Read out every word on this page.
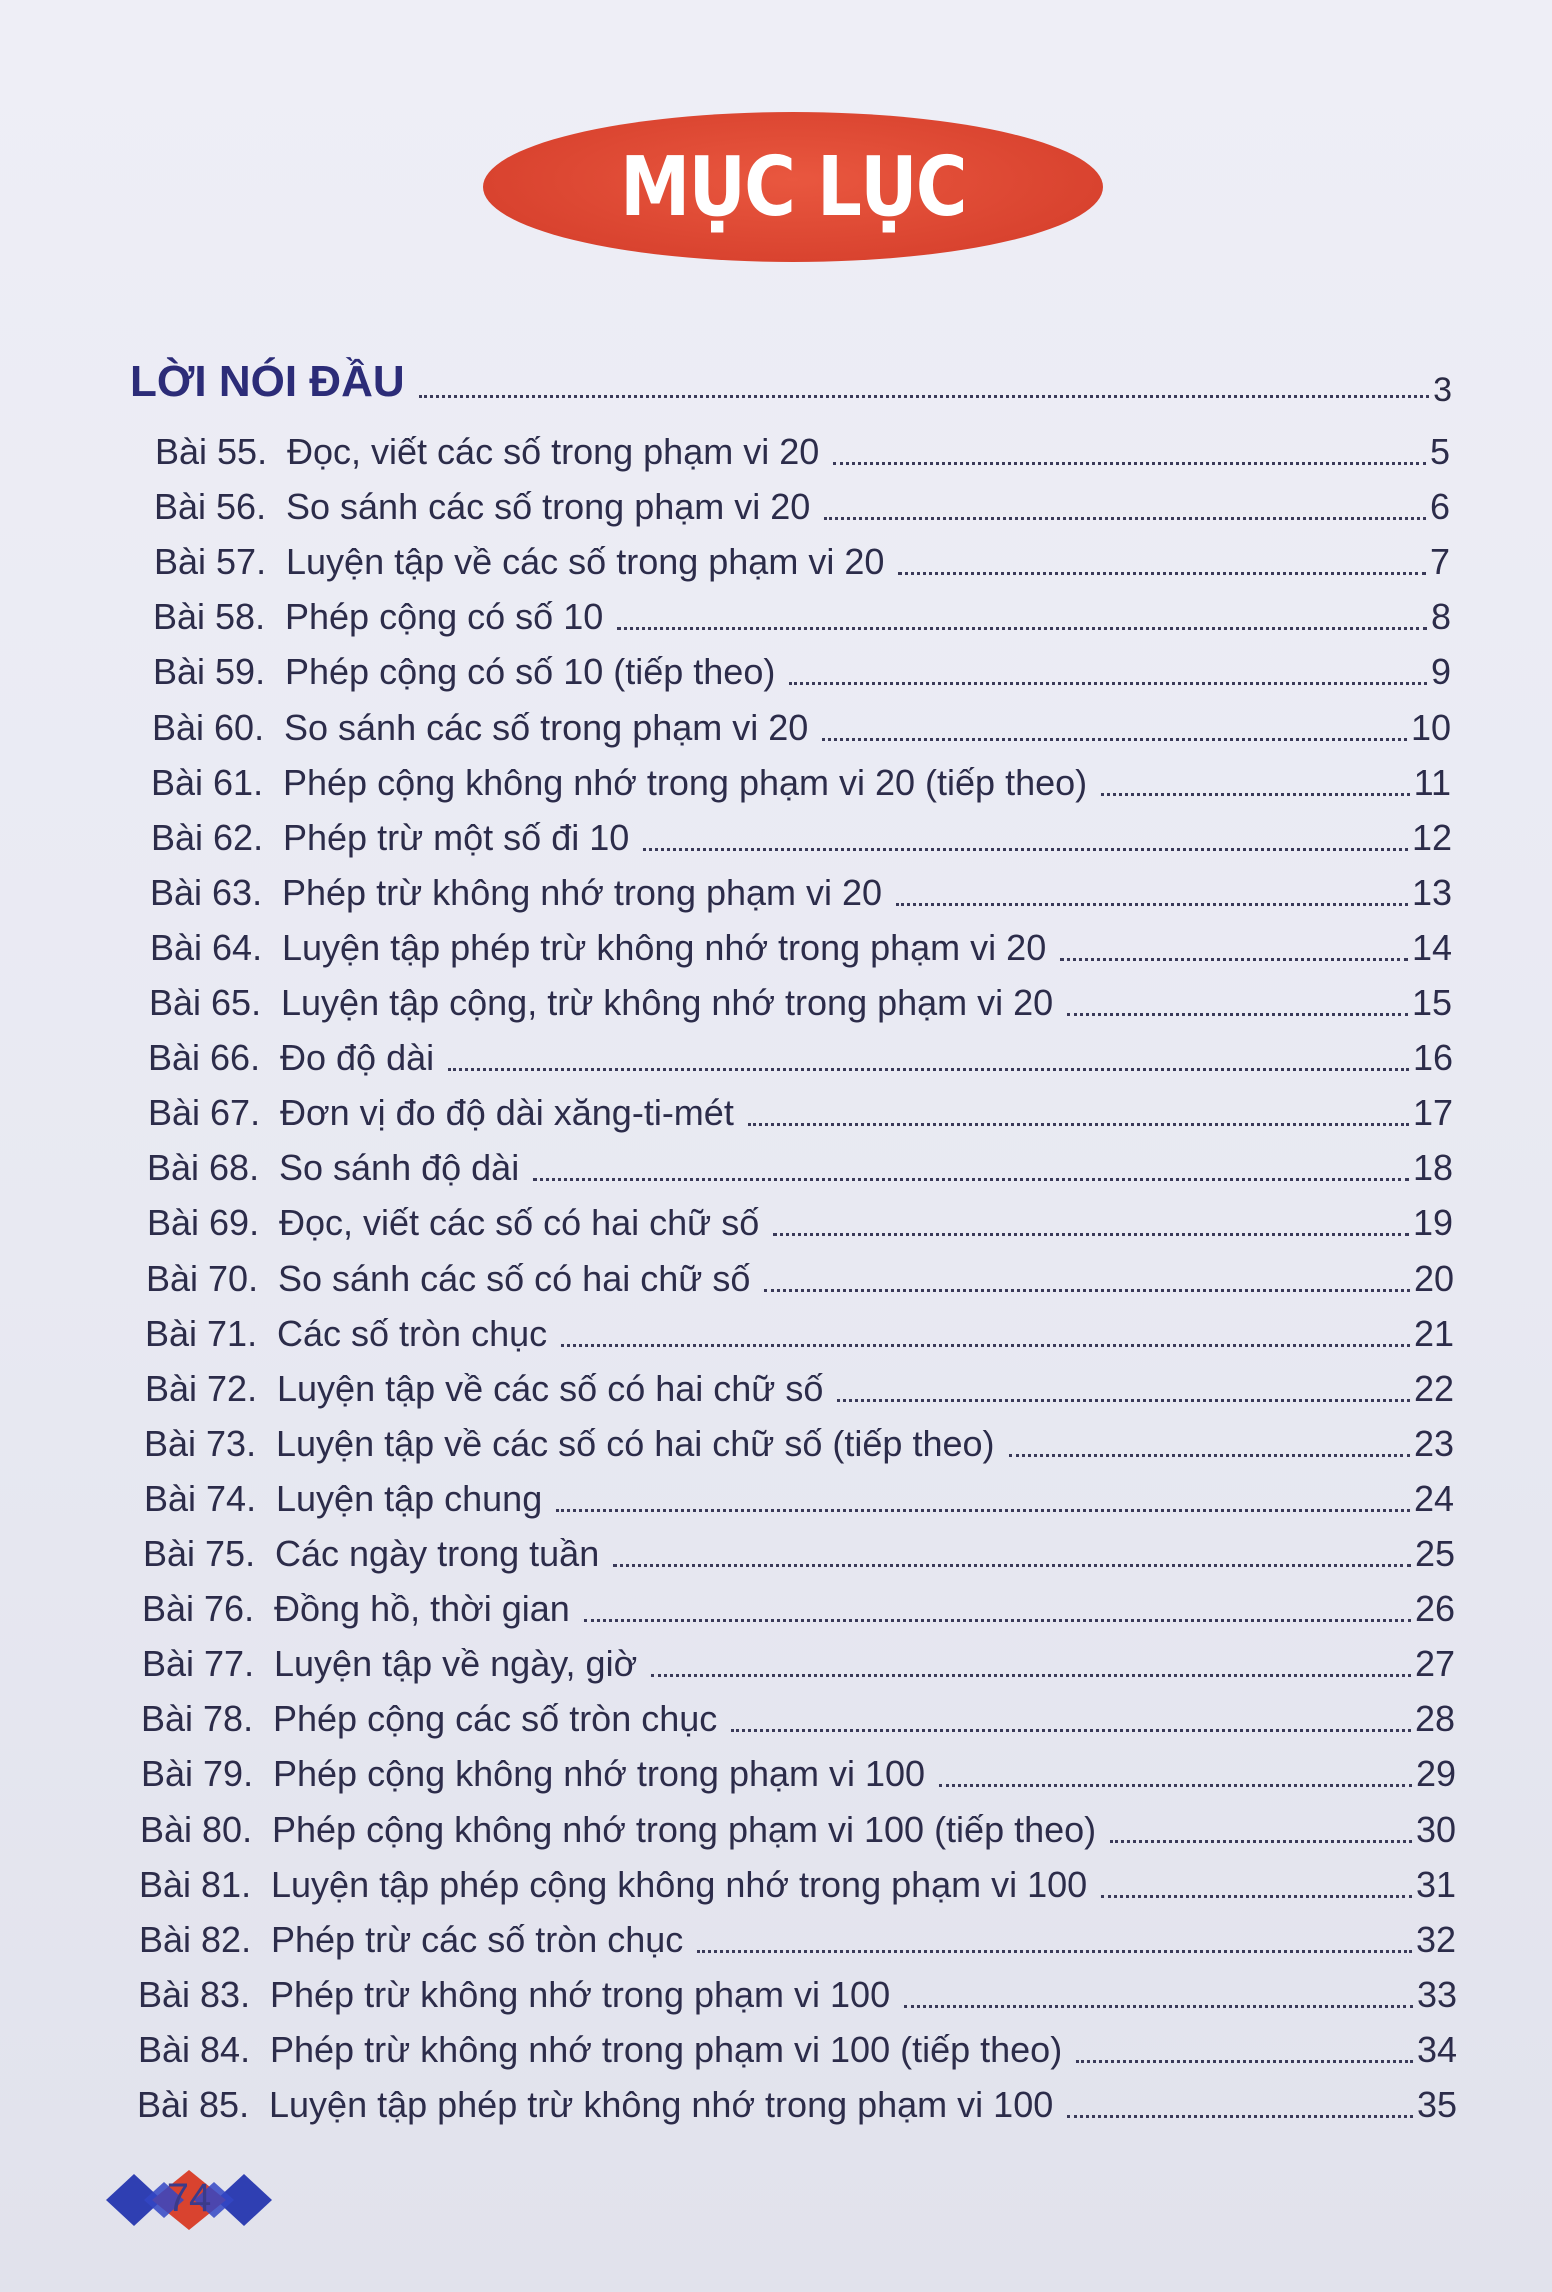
MỤC LỤC
LỜI NÓI ĐẦU	3
Bài 55. Đọc, viết các số trong phạm vi 20	5
Bài 56. So sánh các số trong phạm vi 20	6
Bài 57. Luyện tập về các số trong phạm vi 20	7
Bài 58. Phép cộng có số 10	8
Bài 59. Phép cộng có số 10 (tiếp theo)	9
Bài 60. So sánh các số trong phạm vi 20	10
Bài 61. Phép cộng không nhớ trong phạm vi 20 (tiếp theo)	11
Bài 62. Phép trừ một số đi 10	12
Bài 63. Phép trừ không nhớ trong phạm vi 20	13
Bài 64. Luyện tập phép trừ không nhớ trong phạm vi 20	14
Bài 65. Luyện tập cộng, trừ không nhớ trong phạm vi 20	15
Bài 66. Đo độ dài	16
Bài 67. Đơn vị đo độ dài xăng-ti-mét	17
Bài 68. So sánh độ dài	18
Bài 69. Đọc, viết các số có hai chữ số	19
Bài 70. So sánh các số có hai chữ số	20
Bài 71. Các số tròn chục	21
Bài 72. Luyện tập về các số có hai chữ số	22
Bài 73. Luyện tập về các số có hai chữ số (tiếp theo)	23
Bài 74. Luyện tập chung	24
Bài 75. Các ngày trong tuần	25
Bài 76. Đồng hồ, thời gian	26
Bài 77. Luyện tập về ngày, giờ	27
Bài 78. Phép cộng các số tròn chục	28
Bài 79. Phép cộng không nhớ trong phạm vi 100	29
Bài 80. Phép cộng không nhớ trong phạm vi 100 (tiếp theo)	30
Bài 81. Luyện tập phép cộng không nhớ trong phạm vi 100	31
Bài 82. Phép trừ các số tròn chục	32
Bài 83. Phép trừ không nhớ trong phạm vi 100	33
Bài 84. Phép trừ không nhớ trong phạm vi 100 (tiếp theo)	34
Bài 85. Luyện tập phép trừ không nhớ trong phạm vi 100	35
74
